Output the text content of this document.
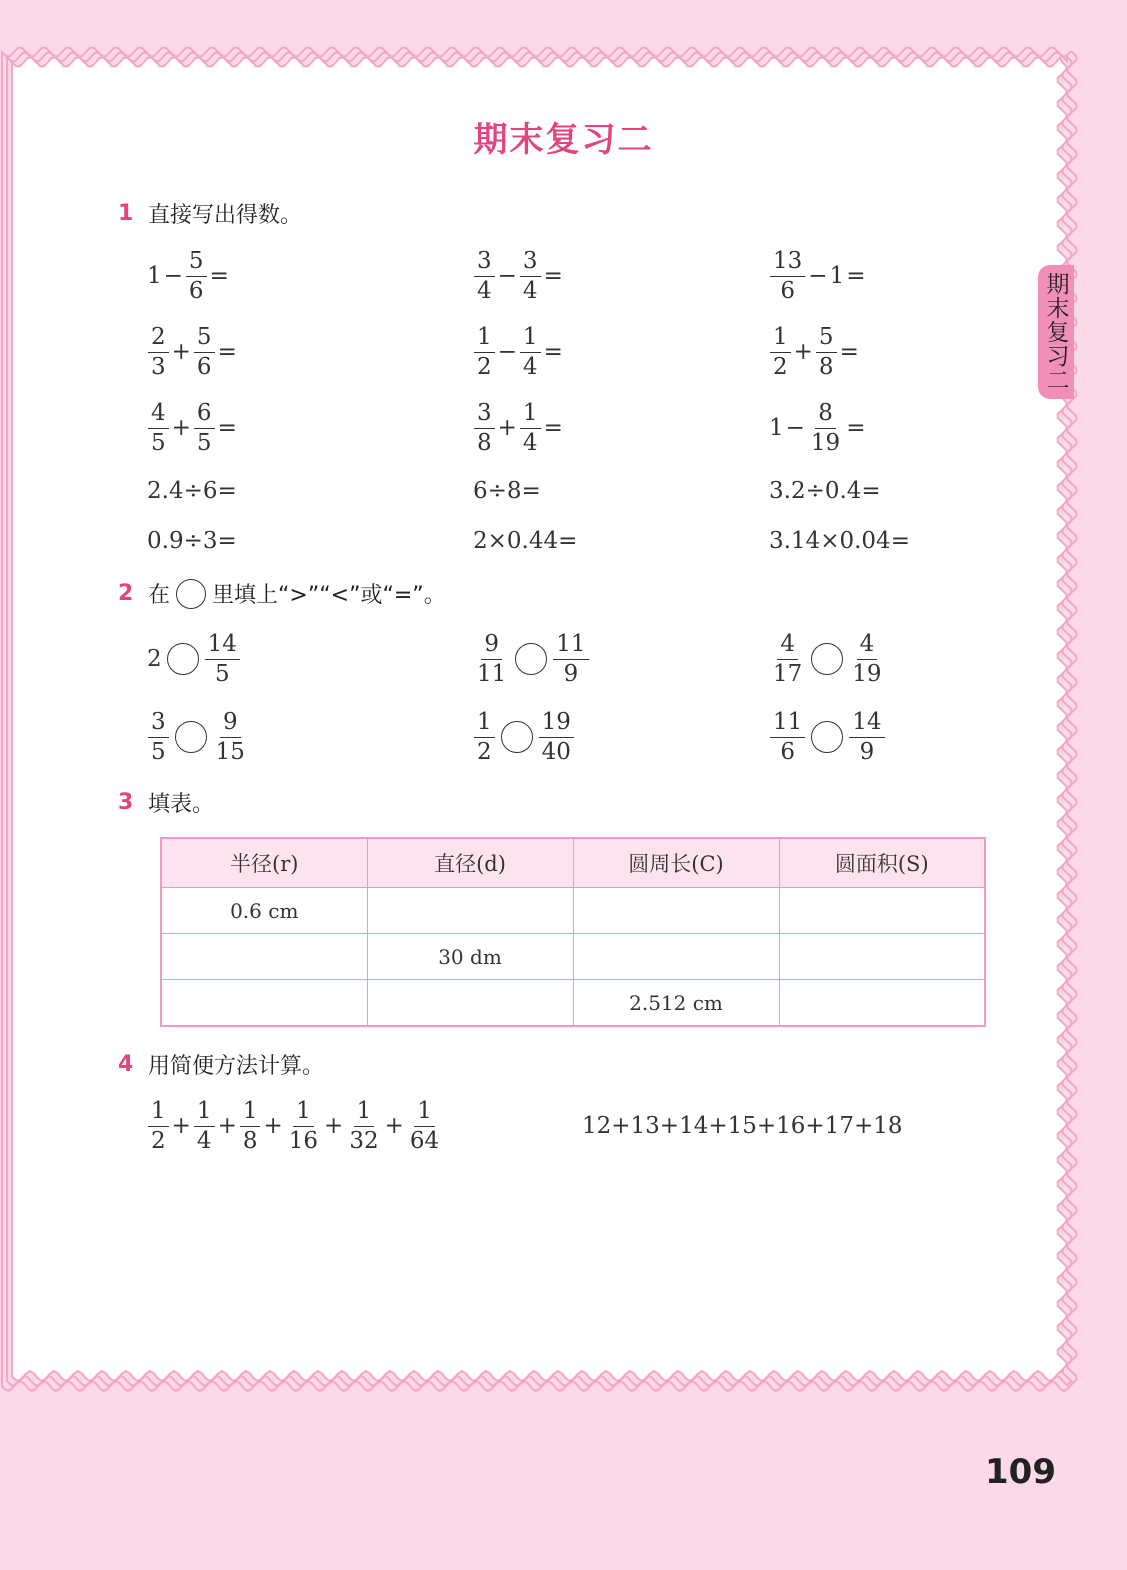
期末复习二
期末复习二
1 直接写出得数。
$1 - \frac{5}{6}$ =	$\frac{3}{4} - \frac{3}{4}$ =	$\frac{13}{6} - 1$ =
$\frac{2}{3} + \frac{5}{6}$ =	$\frac{1}{2} - \frac{1}{4}$ =	$\frac{1}{2} + \frac{5}{8}$ =
$\frac{4}{5} + \frac{6}{5}$ =	$\frac{3}{8} + \frac{1}{4}$ =	$1 - \frac{8}{19}$ =
2.4÷6=	6÷8=	3.2÷0.4=
0.9÷3=	2×0.44=	3.14×0.04=
2 在 里填上“>”“<”或“=”。
$2 \frac{14}{5}$	$\frac{9}{11} \frac{11}{9}$	$\frac{4}{17} \frac{4}{19}$
$\frac{3}{5} \frac{9}{15}$	$\frac{1}{2} \frac{19}{40}$	$\frac{11}{6} \frac{14}{9}$
3 填表。
半径(r)	直径(d)	圆周长(C)	圆面积(S)
0.6 cm			
	30 dm		
		2.512 cm	
4 用简便方法计算。
$\frac{1}{2} + \frac{1}{4} + \frac{1}{8} + \frac{1}{16} + \frac{1}{32} + \frac{1}{64}$	12+13+14+15+16+17+18
109
